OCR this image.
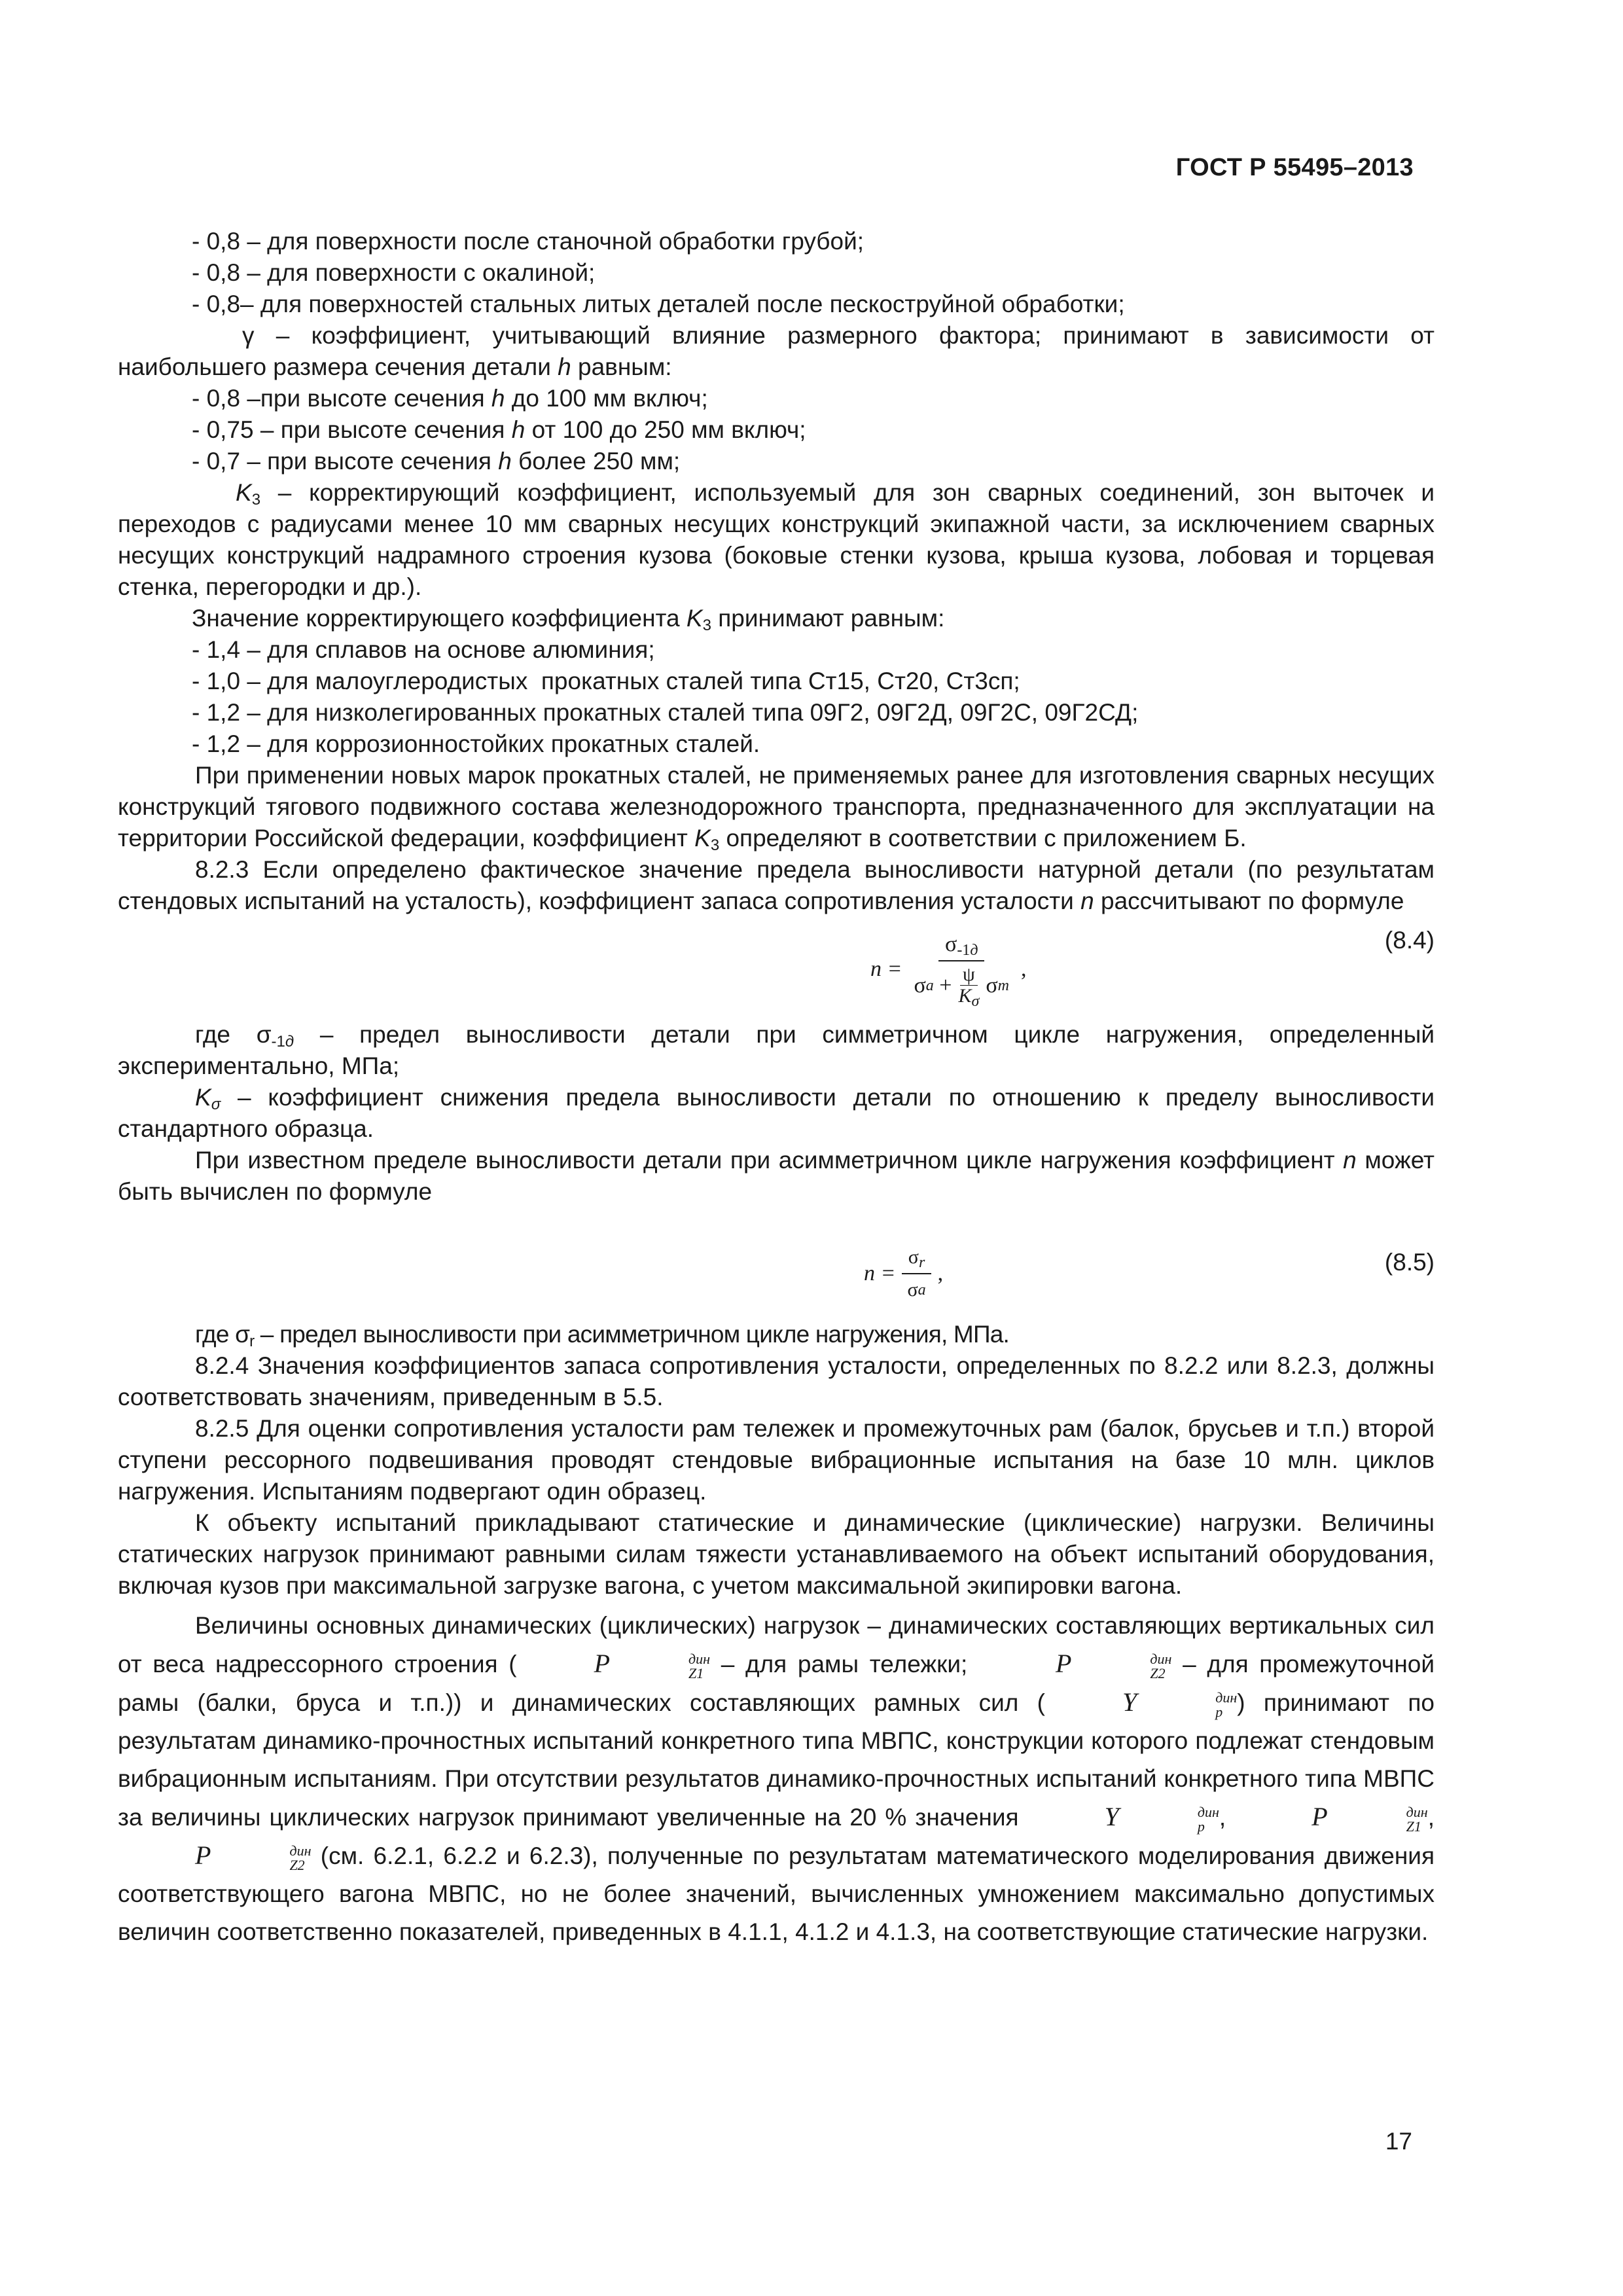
ГОСТ Р 55495–2013

- 0,8 – для поверхности после станочной обработки грубой;

- 0,8 – для поверхности с окалиной;

- 0,8– для поверхностей стальных литых деталей после пескоструйной обработки;

γ – коэффициент, учитывающий влияние размерного фактора; принимают в зависимости от наибольшего размера сечения детали h равным:

- 0,8 –при высоте сечения h до 100 мм включ;

- 0,75 – при высоте сечения h от 100 до 250 мм включ;

- 0,7 – при высоте сечения h более 250 мм;

$K_3$ – корректирующий коэффициент, используемый для зон сварных соединений, зон выточек и переходов с радиусами менее 10 мм сварных несущих конструкций экипажной части, за исключением сварных несущих конструкций надрамного строения кузова (боковые стенки кузова, крыша кузова, лобовая и торцевая стенка, перегородки и др.).

Значение корректирующего коэффициента $K_3$ принимают равным:

- 1,4 – для сплавов на основе алюминия;

- 1,0 – для малоуглеродистых  прокатных сталей типа Ст15, Ст20, Ст3сп;

- 1,2 – для низколегированных прокатных сталей типа 09Г2, 09Г2Д, 09Г2С, 09Г2СД;

- 1,2 – для коррозионностойких прокатных сталей.

При применении новых марок прокатных сталей, не применяемых ранее для изготовления сварных несущих конструкций тягового подвижного состава железнодорожного транспорта, предназначенного для эксплуатации на территории Российской федерации, коэффициент $K_3$ определяют в соответствии с приложением Б.

8.2.3 Если определено фактическое значение предела выносливости натурной детали (по результатам стендовых испытаний на усталость), коэффициент запаса сопротивления усталости n рассчитывают по формуле

n =
$\sigma_{-1д}$
σ a + ψ
$K_\sigma$
σ m
,
(8.4)

где $\sigma_{-1д}$ – предел выносливости детали при симметричном цикле нагружения, определенный экспериментально, МПа;

$K_\sigma$ – коэффициент снижения предела выносливости детали по отношению к пределу выносливости стандартного образца.

При известном пределе выносливости детали при асимметричном цикле нагружения коэффициент n может быть вычислен по формуле

$n = \frac{\sigma_r}{\text{σ a}}$ ,	(8.5)

где $\sigma_r$ – предел выносливости при асимметричном цикле нагружения, МПа.

8.2.4 Значения коэффициентов запаса сопротивления усталости, определенных по 8.2.2 или 8.2.3, должны соответствовать значениям, приведенным в 5.5.

8.2.5 Для оценки сопротивления усталости рам тележек и промежуточных рам (балок, брусьев и т.п.) второй ступени рессорного подвешивания проводят стендовые вибрационные испытания на базе 10 млн. циклов нагружения. Испытаниям подвергают один образец.

К объекту испытаний прикладывают статические и динамические (циклические) нагрузки. Величины статических нагрузок принимают равными силам тяжести устанавливаемого на объект испытаний оборудования, включая кузов при максимальной загрузке вагона, с учетом максимальной экипировки вагона.

Величины основных динамических (циклических) нагрузок – динамических составляющих вертикальных сил от веса надрессорного строения (	P	дин
Z1 – для рамы тележки;	P	дин
Z2 – для промежуточной рамы (балки, бруса и т.п.)) и динамических составляющих рамных сил (	Y	дин
p ) принимают по результатам динамико-прочностных испытаний конкретного типа МВПС, конструкции которого подлежат стендовым вибрационным испытаниям. При отсутствии результатов динамико-прочностных испытаний конкретного типа МВПС за величины циклических нагрузок принимают увеличенные на 20 % значения	Y	дин
p ,	P	дин
Z1 , P	дин
Z2 (см. 6.2.1, 6.2.2 и 6.2.3), полученные по результатам математического моделирования движения соответствующего вагона МВПС, но не более значений, вычисленных умножением максимально допустимых величин соответственно показателей, приведенных в 4.1.1, 4.1.2 и 4.1.3, на соответствующие статические нагрузки.

17
